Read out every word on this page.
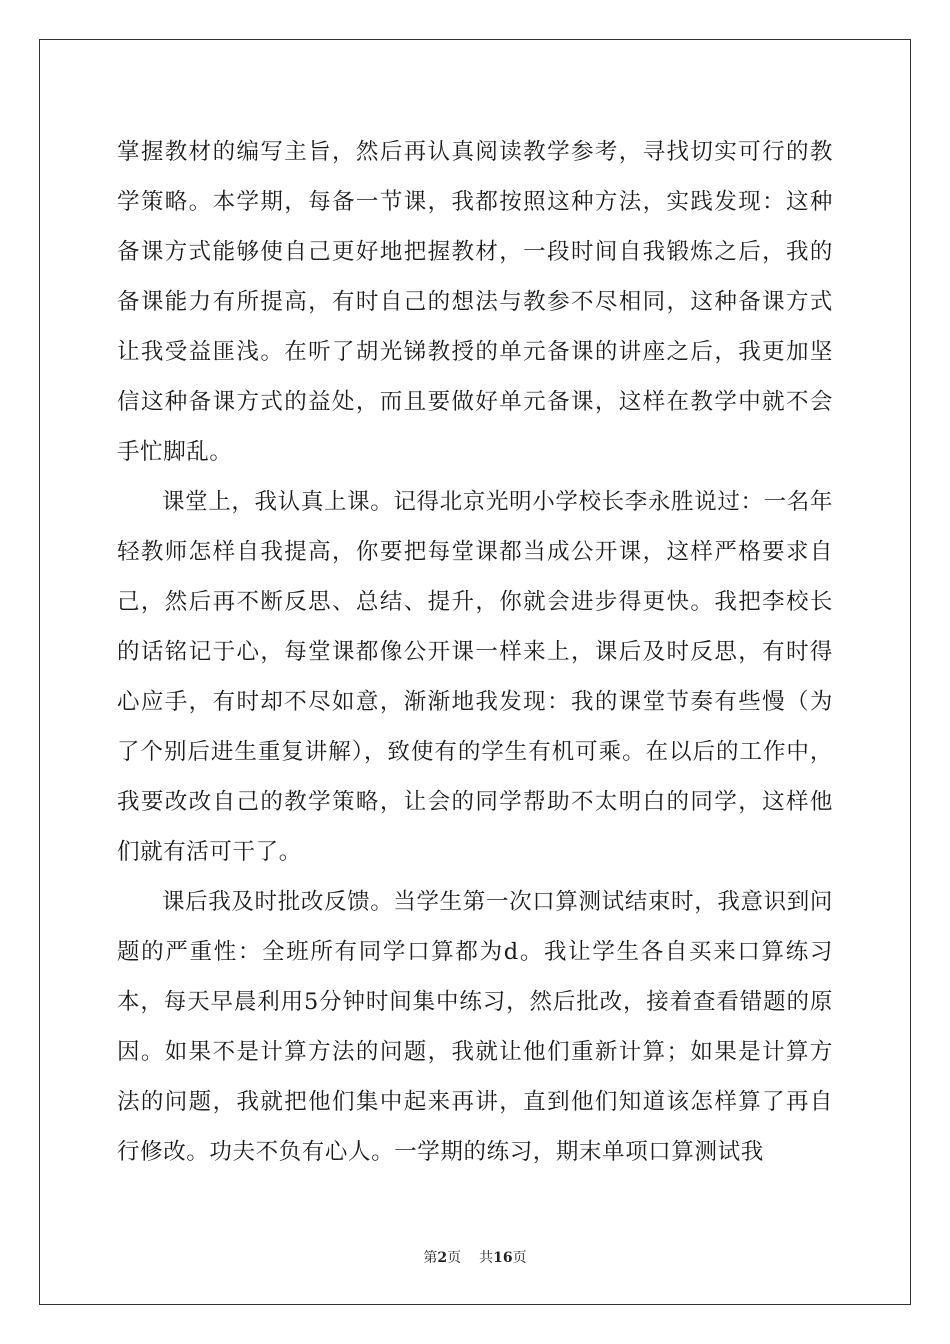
掌握教材的编写主旨，然后再认真阅读教学参考，寻找切实可行的教学策略。本学期，每备一节课，我都按照这种方法，实践发现：这种备课方式能够使自己更好地把握教材，一段时间自我锻炼之后，我的备课能力有所提高，有时自己的想法与教参不尽相同，这种备课方式让我受益匪浅。在听了胡光锑教授的单元备课的讲座之后，我更加坚信这种备课方式的益处，而且要做好单元备课，这样在教学中就不会手忙脚乱。

课堂上，我认真上课。记得北京光明小学校长李永胜说过：一名年轻教师怎样自我提高，你要把每堂课都当成公开课，这样严格要求自己，然后再不断反思、总结、提升，你就会进步得更快。我把李校长的话铭记于心，每堂课都像公开课一样来上，课后及时反思，有时得心应手，有时却不尽如意，渐渐地我发现：我的课堂节奏有些慢（为了个别后进生重复讲解），致使有的学生有机可乘。在以后的工作中，我要改改自己的教学策略，让会的同学帮助不太明白的同学，这样他们就有活可干了。

课后我及时批改反馈。当学生第一次口算测试结束时，我意识到问题的严重性：全班所有同学口算都为d。我让学生各自买来口算练习本，每天早晨利用5分钟时间集中练习，然后批改，接着查看错题的原因。如果不是计算方法的问题，我就让他们重新计算；如果是计算方法的问题，我就把他们集中起来再讲，直到他们知道该怎样算了再自行修改。功夫不负有心人。一学期的练习，期末单项口算测试我

第2页 共16页
